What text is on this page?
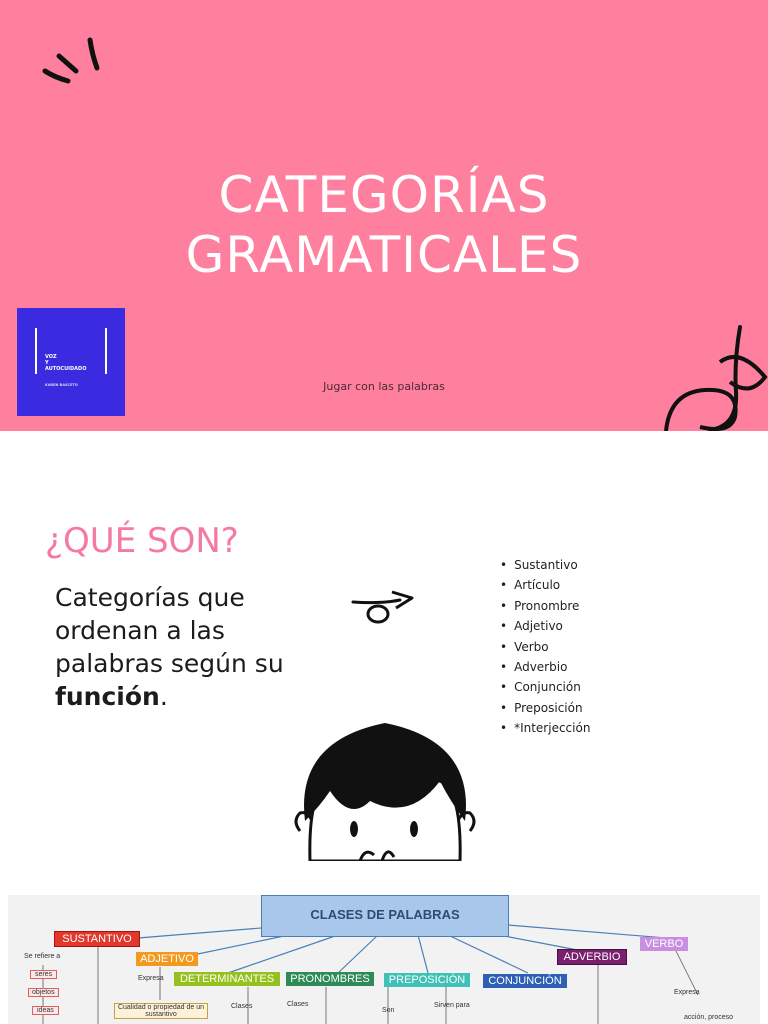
CATEGORÍAS
GRAMATICALES
VOZ
Y
AUTOCUIDADO
KAREN BASCETO	Jugar con las palabras
¿QUÉ SON?
Categorías que ordenan a las palabras según su función.
• Sustantivo
• Artículo
• Pronombre
• Adjetivo
• Verbo
• Adverbio
• Conjunción
• Preposición
• *Interjección
CLASES DE PALABRAS
SUSTANTIVO
ADJETIVO
DETERMINANTES	PRONOMBRES	PREPOSICIÓN	CONJUNCIÓN
ADVERBIO
VERBO
Se refiere a
seres
objetos
ideas
Expresa
Cualidad o propiedad de un sustantivo
Clases	Clases
Son
Sirven para
Expresa
acción, proceso
